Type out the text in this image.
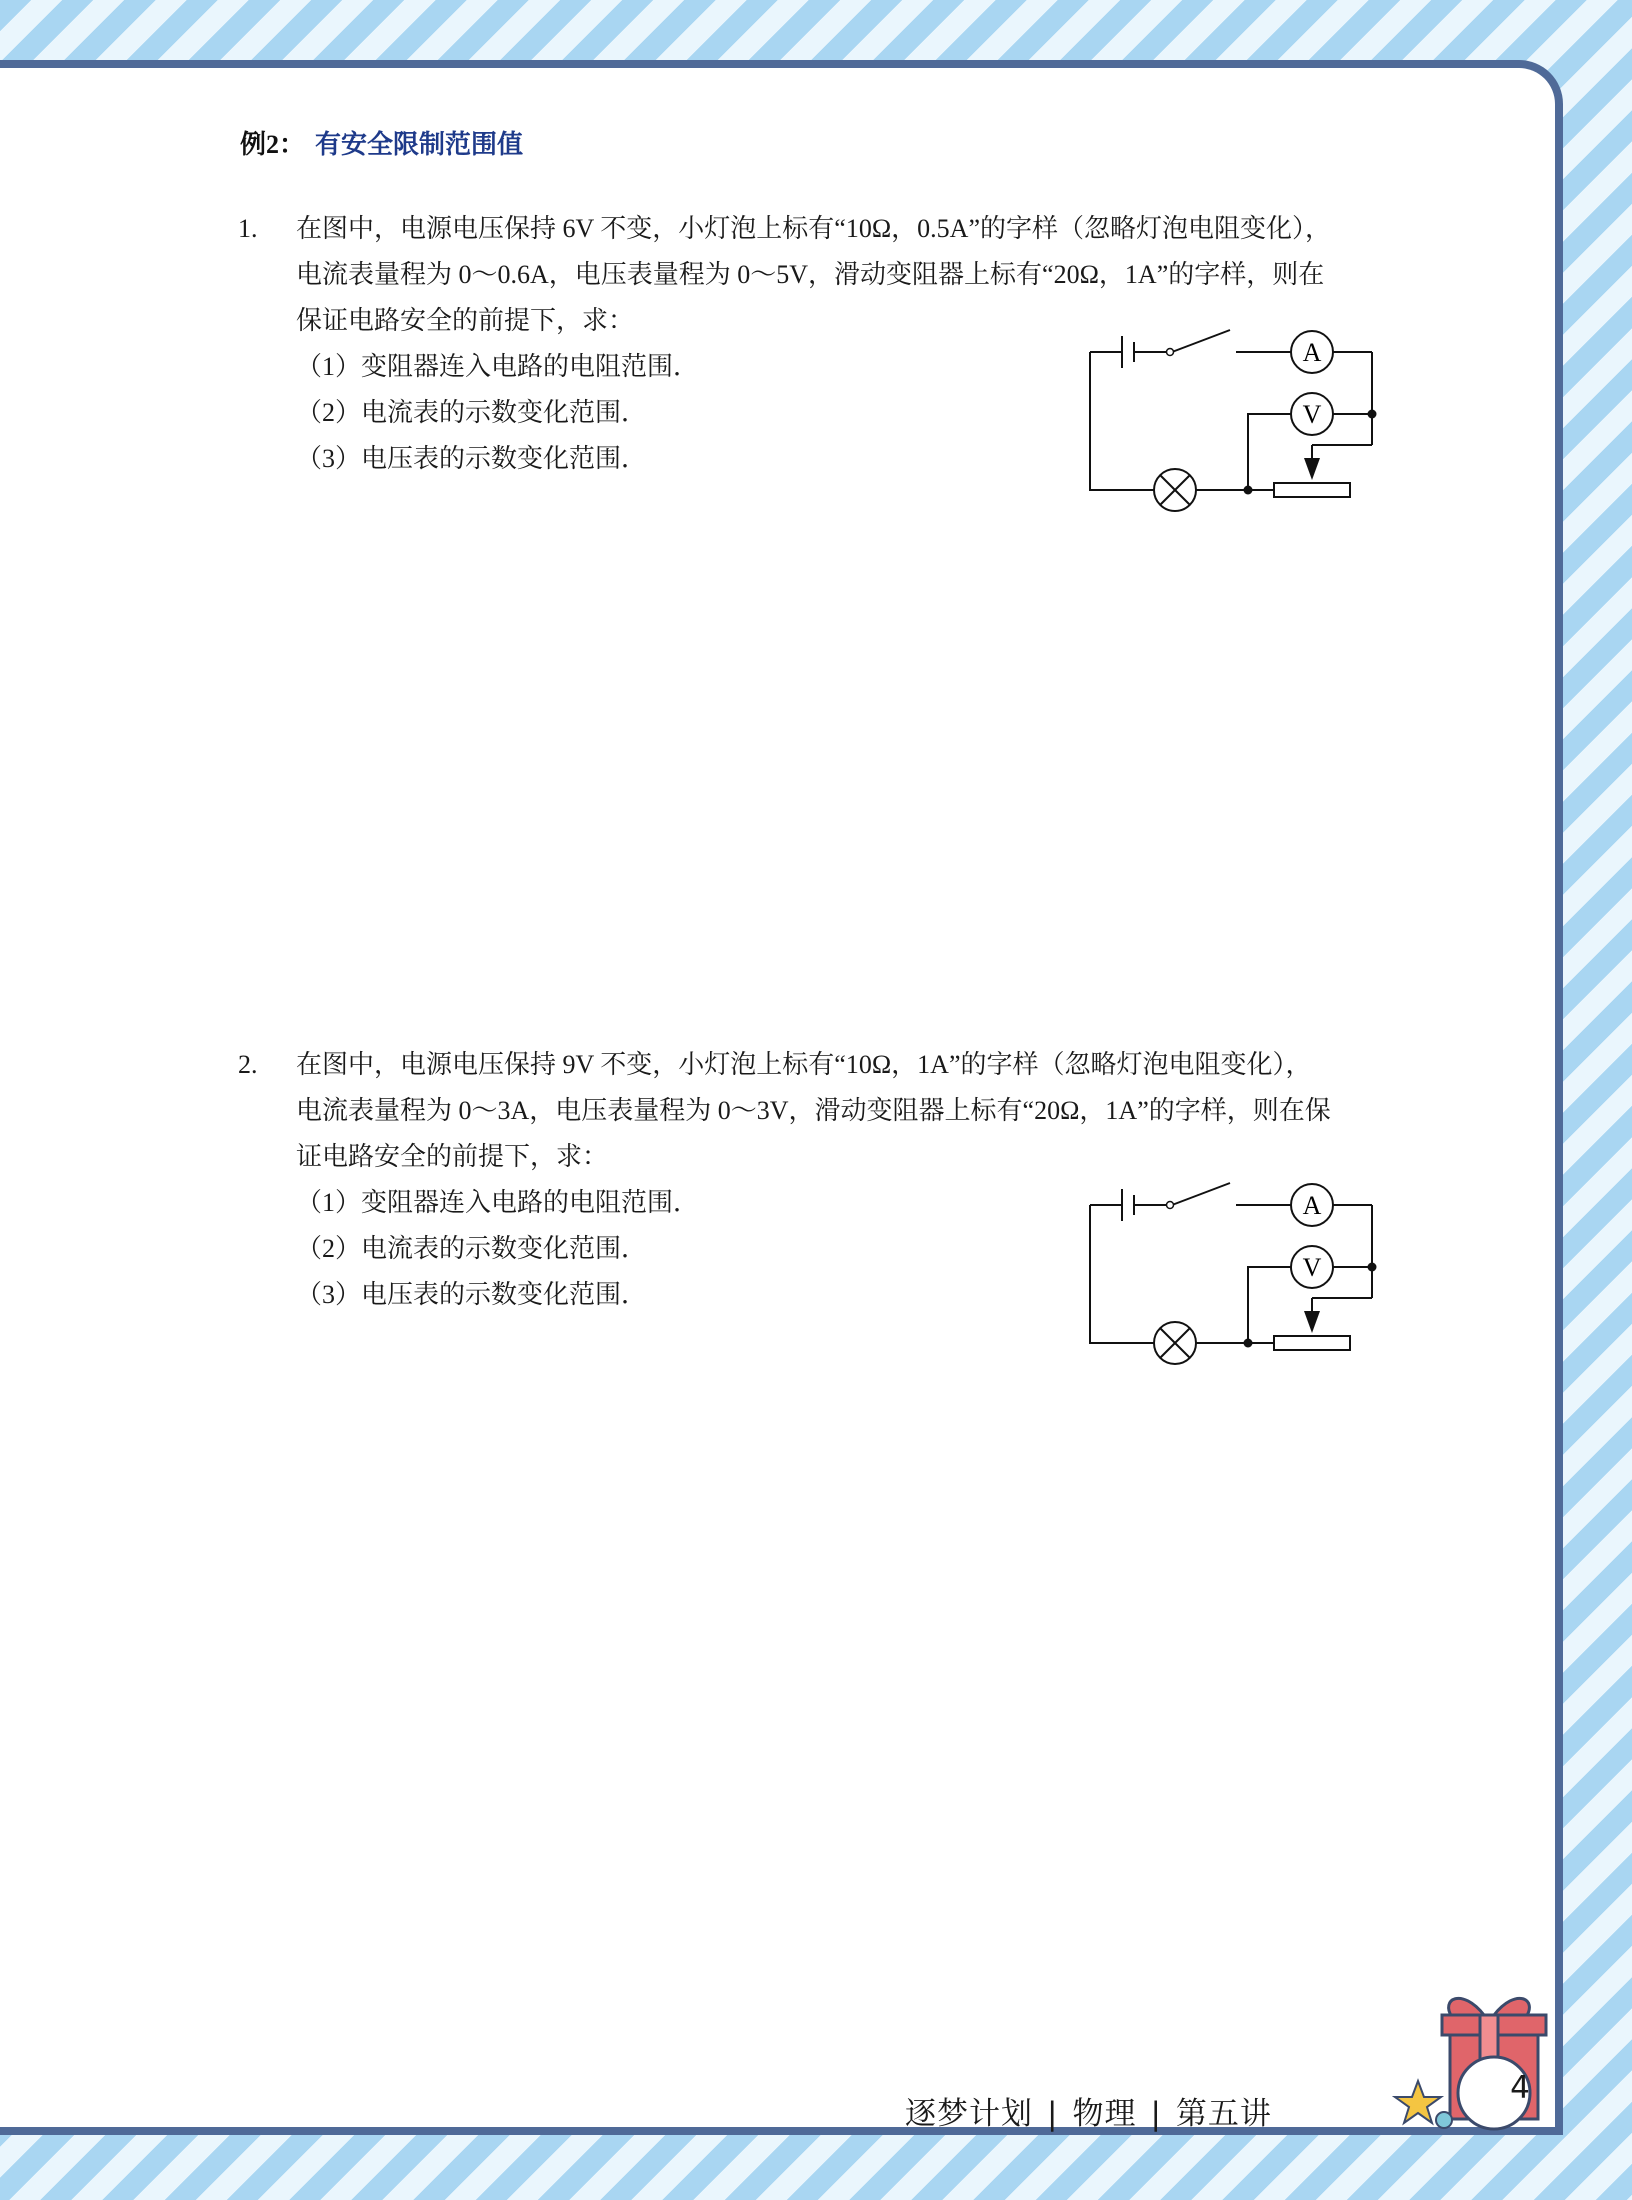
例2： 有安全限制范围值
1. 在图中，电源电压保持 6V 不变，小灯泡上标有“10Ω，0.5A”的字样（忽略灯泡电阻变化），
电流表量程为 0～0.6A，电压表量程为 0～5V，滑动变阻器上标有“20Ω，1A”的字样，则在
保证电路安全的前提下，求：
（1）变阻器连入电路的电阻范围．
（2）电流表的示数变化范围．
（3）电压表的示数变化范围．
A
V
2. 在图中，电源电压保持 9V 不变，小灯泡上标有“10Ω，1A”的字样（忽略灯泡电阻变化），
电流表量程为 0～3A，电压表量程为 0～3V，滑动变阻器上标有“20Ω，1A”的字样，则在保
证电路安全的前提下，求：
（1）变阻器连入电路的电阻范围．
（2）电流表的示数变化范围．
（3）电压表的示数变化范围．
A
V
逐梦计划 | 物理 | 第五讲
4
